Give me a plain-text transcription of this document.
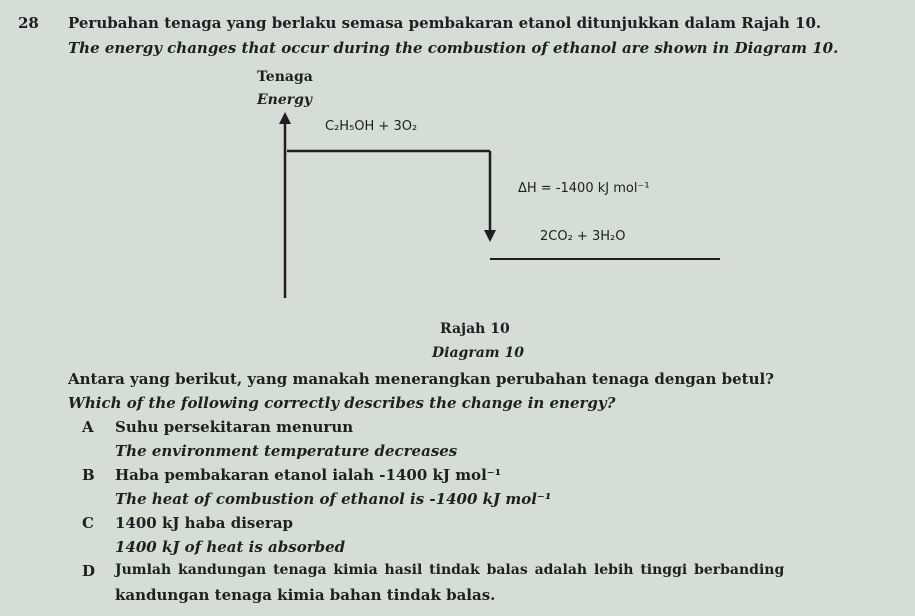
28 Perubahan tenaga yang berlaku semasa pembakaran etanol ditunjukkan dalam Rajah 10.
The energy changes that occur during the combustion of ethanol are shown in Diagram 10.
Tenaga
Energy
C₂H₅OH + 3O₂
ΔH = -1400 kJ mol⁻¹
2CO₂ + 3H₂O
Rajah 10
Diagram 10
Antara yang berikut, yang manakah menerangkan perubahan tenaga dengan betul?
Which of the following correctly describes the change in energy?
A Suhu persekitaran menurun
The environment temperature decreases
B Haba pembakaran etanol ialah -1400 kJ mol⁻¹
The heat of combustion of ethanol is -1400 kJ mol⁻¹
C 1400 kJ haba diserap
1400 kJ of heat is absorbed
D Jumlah kandungan tenaga kimia hasil tindak balas adalah lebih tinggi berbanding
kandungan tenaga kimia bahan tindak balas.
